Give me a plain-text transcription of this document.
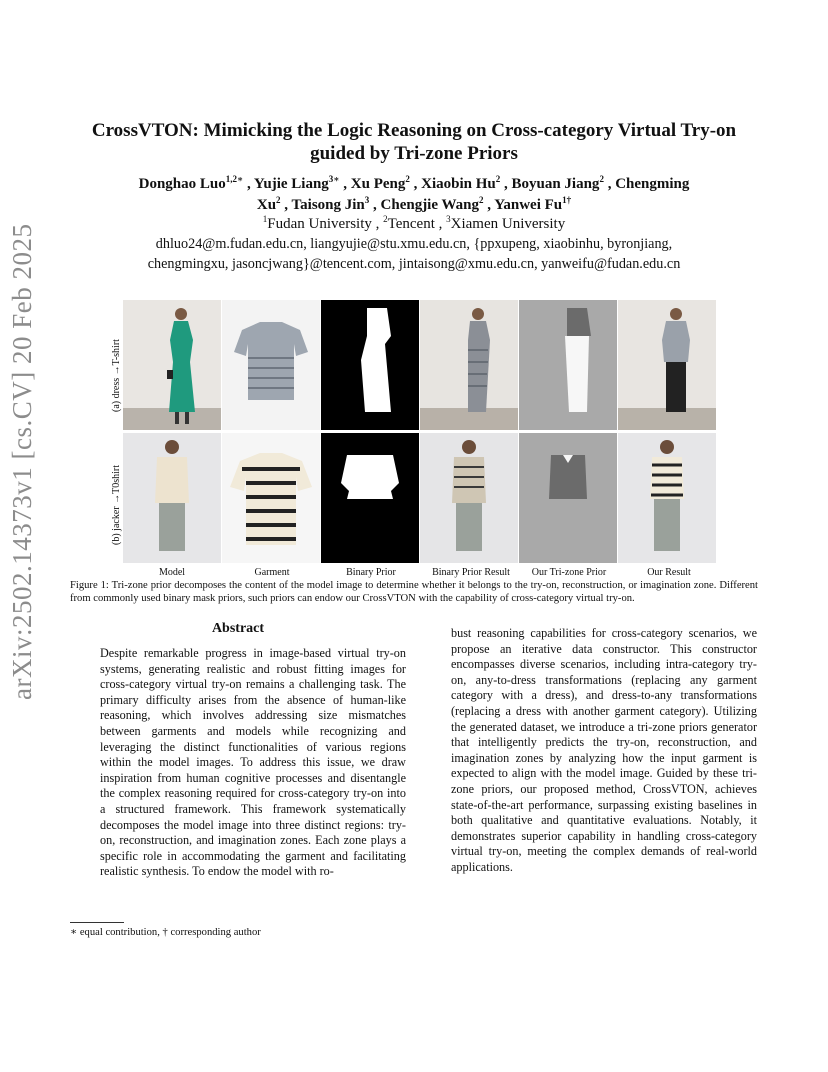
arXiv:2502.14373v1 [cs.CV] 20 Feb 2025
CrossVTON: Mimicking the Logic Reasoning on Cross-category Virtual Try-on guided by Tri-zone Priors
Donghao Luo$^{1,2∗}$ , Yujie Liang$^{3∗}$ , Xu Peng$^2$ , Xiaobin Hu$^2$ , Boyuan Jiang$^2$ , Chengming
Xu$^2$ , Taisong Jin$^3$ , Chengjie Wang$^2$ , Yanwei $Fu^{1\dagger}$
$^1$Fudan University , $^2$Tencent , $^3$Xiamen University
dhluo24@m.fudan.edu.cn, liangyujie@stu.xmu.edu.cn, {ppxupeng, xiaobinhu, byronjiang,
chengmingxu, jasoncjwang}@tencent.com, jintaisong@xmu.edu.cn, yanweifu@fudan.edu.cn
(a) dress →T-shirt
(b) jacker →T0shirt
Model	Garment	Binary Prior	Binary Prior Result	Our Tri-zone Prior	Our Result
Figure 1: Tri-zone prior decomposes the content of the model image to determine whether it belongs to the try-on, reconstruction, or imagination zone. Different from commonly used binary mask priors, such priors can endow our CrossVTON with the capability of cross-category virtual try-on.
Abstract
Despite remarkable progress in image-based virtual try-on systems, generating realistic and robust fitting images for cross-category virtual try-on remains a challenging task. The primary difficulty arises from the absence of human-like reasoning, which involves addressing size mismatches between garments and models while recognizing and leveraging the distinct functionalities of various regions within the model images. To address this issue, we draw inspiration from human cognitive processes and disentangle the complex reasoning required for cross-category try-on into a structured framework. This framework systematically decomposes the model image into three distinct regions: try-on, reconstruction, and imagination zones. Each zone plays a specific role in accommodating the garment and facilitating realistic synthesis. To endow the model with ro-
bust reasoning capabilities for cross-category scenarios, we propose an iterative data constructor. This constructor encompasses diverse scenarios, including intra-category try-on, any-to-dress transformations (replacing any garment category with a dress), and dress-to-any transformations (replacing a dress with another garment category). Utilizing the generated dataset, we introduce a tri-zone priors generator that intelligently predicts the try-on, reconstruction, and imagination zones by analyzing how the input garment is expected to align with the model image. Guided by these tri-zone priors, our proposed method, CrossVTON, achieves state-of-the-art performance, surpassing existing baselines in both qualitative and quantitative evaluations. Notably, it demonstrates superior capability in handling cross-category virtual try-on, meeting the complex demands of real-world applications.
∗ equal contribution, † corresponding author
